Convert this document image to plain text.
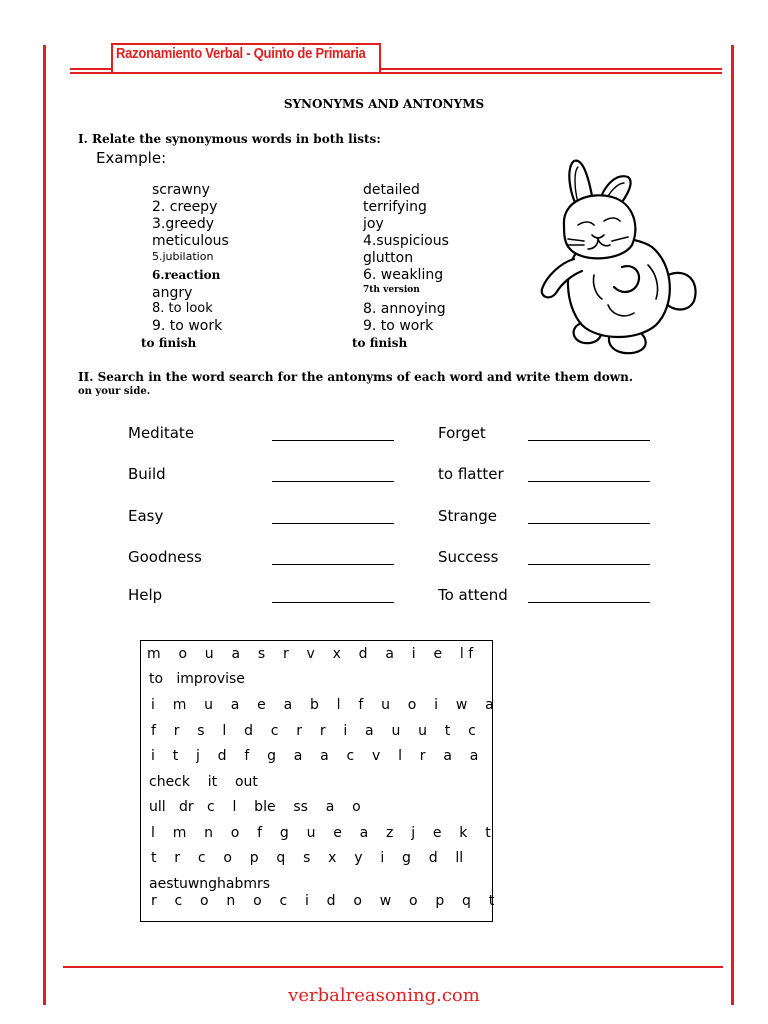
Razonamiento Verbal - Quinto de Primaria
SYNONYMS AND ANTONYMS
I. Relate the synonymous words in both lists:
Example:
scrawny
2. creepy
3.greedy
meticulous
5.jubilation
6.reaction
angry
8. to look
9. to work
to finish
detailed
terrifying
joy
4.suspicious
glutton
6. weakling
7th version
8. annoying
9. to work
to finish
II. Search in the word search for the antonyms of each word and write them down.
on your side.
Meditate
Build
Easy
Goodness
Help
Forget
to flatter
Strange
Success
To attend
m    o    u    a    s    r    v    x    d    a    i    e    l f
to   improvise
i    m    u    a    e    a    b    l    f    u    o    i    w    a
f    r    s    l    d    c    r    r    i    a    u    u    t    c
i    t    j    d    f    g    a    a    c    v    l    r    a    a
check    it    out
ull   dr   c    l    ble    ss    a    o
l    m    n    o    f    g    u    e    a    z    j    e    k    t
t    r    c    o    p    q    s    x    y    i    g    d    ll
aestuwnghabmrs
r    c    o    n    o    c    i    d    o    w    o    p    q    t
verbalreasoning.com
